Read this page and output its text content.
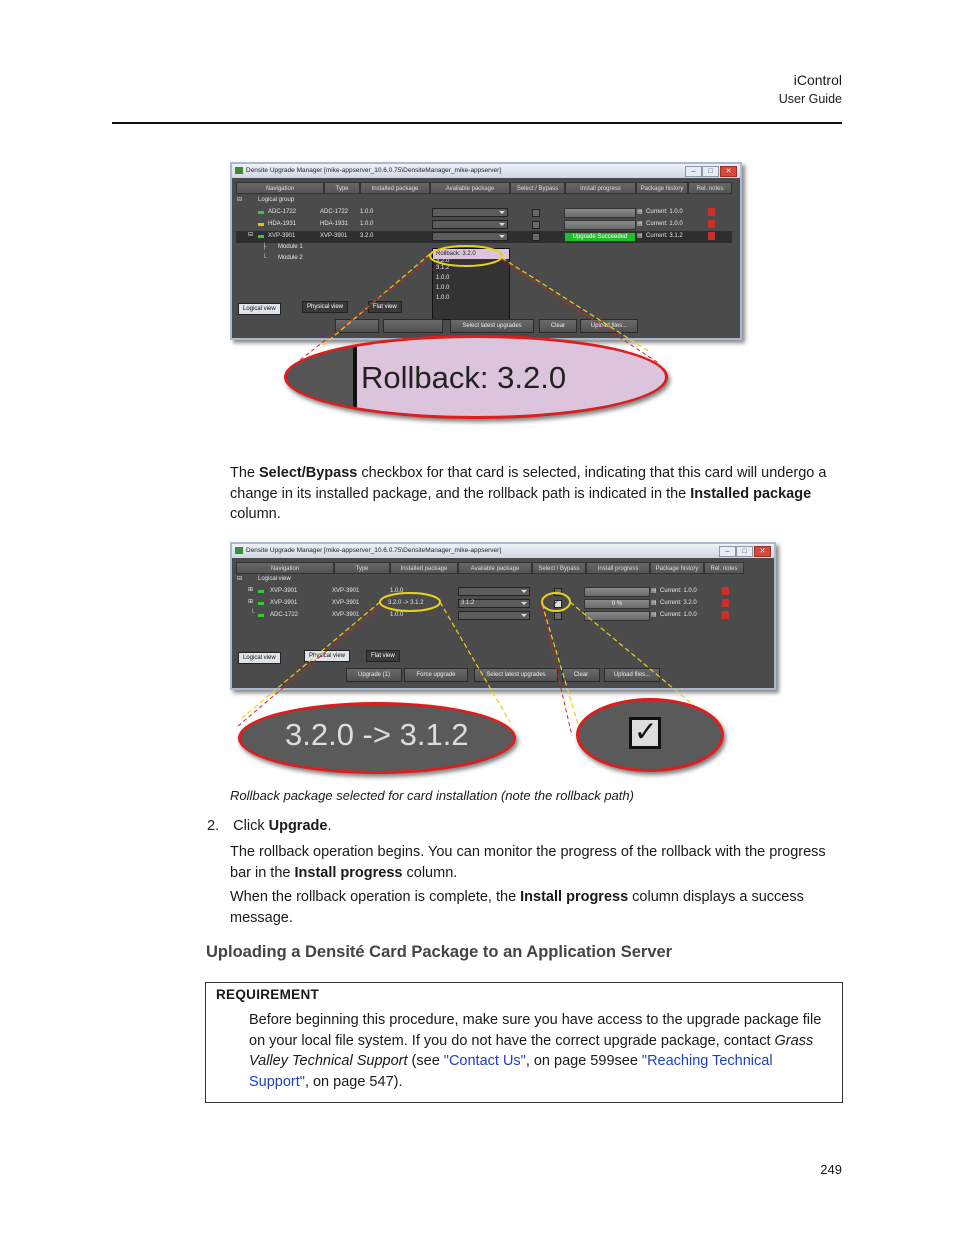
iControl
User Guide
Densite Upgrade Manager [mike-appserver_10.6.0.75\DensiteManager_mike-appserver]	–	□	✕
Navigation	Type	Installed package	Available package	Select / Bypass	Install progress	Package history	Rel. notes
⊟	Logical group
ADC-1722	ADC-1722 1.0.0	▤ Current: 1.0.0
HDA-1931	HDA-1931 1.0.0	▤ Current: 1.0.0
⊟ XVP-3901	XVP-3901 3.2.0	Upgrade Succeeded	▤ Current: 3.1.2
├ Module 1
└ Module 2
Rollback: 3.2.0
3.2.0
3.1.2
1.0.0
1.0.0
1.0.0
Logical view	Physical view	Flat view
Select latest upgrades	Clear	Upload files...
Rollback: 3.2.0
The Select/Bypass checkbox for that card is selected, indicating that this card will undergo a change in its installed package, and the rollback path is indicated in the Installed package column.
Densite Upgrade Manager [mike-appserver_10.6.0.75\DensiteManager_mike-appserver]	–	□	✕
Navigation	Type	Installed package	Available package	Select / Bypass	Install progress	Package history	Rel. notes
⊟	Logical view
⊞	XVP-3901	XVP-3901	1.0.0	▤ Current: 1.0.0
⊞	XVP-3901	XVP-3901	3.2.0 -> 3.1.2	3.1.2	✓	0 %	▤ Current: 3.2.0
└	ADC-1722	XVP-3901	1.0.0	▤ Current: 1.0.0
Logical view	Physical view	Flat view
Upgrade (1)	Force upgrade	Select latest upgrades	Clear	Upload files...
3.2.0 -> 3.1.2	✓
Rollback package selected for card installation (note the rollback path)
2. Click Upgrade.
The rollback operation begins. You can monitor the progress of the rollback with the progress bar in the Install progress column.
When the rollback operation is complete, the Install progress column displays a success message.
Uploading a Densité Card Package to an Application Server
REQUIREMENT
Before beginning this procedure, make sure you have access to the upgrade package file on your local file system. If you do not have the correct upgrade package, contact Grass Valley Technical Support (see "Contact Us", on page 599see "Reaching Technical Support", on page 547).
249
